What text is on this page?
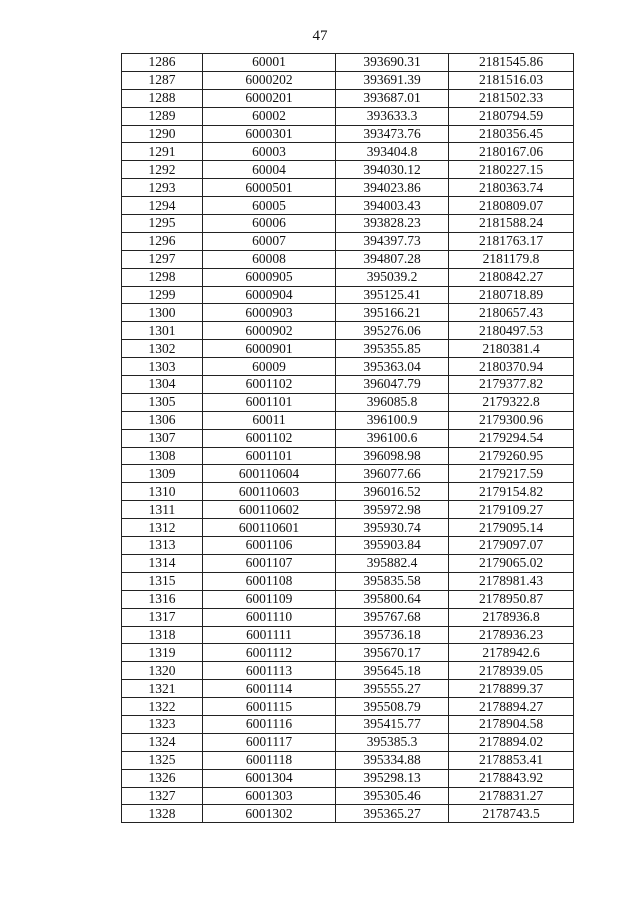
47
1286	60001	393690.31	2181545.86
1287	6000202	393691.39	2181516.03
1288	6000201	393687.01	2181502.33
1289	60002	393633.3	2180794.59
1290	6000301	393473.76	2180356.45
1291	60003	393404.8	2180167.06
1292	60004	394030.12	2180227.15
1293	6000501	394023.86	2180363.74
1294	60005	394003.43	2180809.07
1295	60006	393828.23	2181588.24
1296	60007	394397.73	2181763.17
1297	60008	394807.28	2181179.8
1298	6000905	395039.2	2180842.27
1299	6000904	395125.41	2180718.89
1300	6000903	395166.21	2180657.43
1301	6000902	395276.06	2180497.53
1302	6000901	395355.85	2180381.4
1303	60009	395363.04	2180370.94
1304	6001102	396047.79	2179377.82
1305	6001101	396085.8	2179322.8
1306	60011	396100.9	2179300.96
1307	6001102	396100.6	2179294.54
1308	6001101	396098.98	2179260.95
1309	600110604	396077.66	2179217.59
1310	600110603	396016.52	2179154.82
1311	600110602	395972.98	2179109.27
1312	600110601	395930.74	2179095.14
1313	6001106	395903.84	2179097.07
1314	6001107	395882.4	2179065.02
1315	6001108	395835.58	2178981.43
1316	6001109	395800.64	2178950.87
1317	6001110	395767.68	2178936.8
1318	6001111	395736.18	2178936.23
1319	6001112	395670.17	2178942.6
1320	6001113	395645.18	2178939.05
1321	6001114	395555.27	2178899.37
1322	6001115	395508.79	2178894.27
1323	6001116	395415.77	2178904.58
1324	6001117	395385.3	2178894.02
1325	6001118	395334.88	2178853.41
1326	6001304	395298.13	2178843.92
1327	6001303	395305.46	2178831.27
1328	6001302	395365.27	2178743.5
